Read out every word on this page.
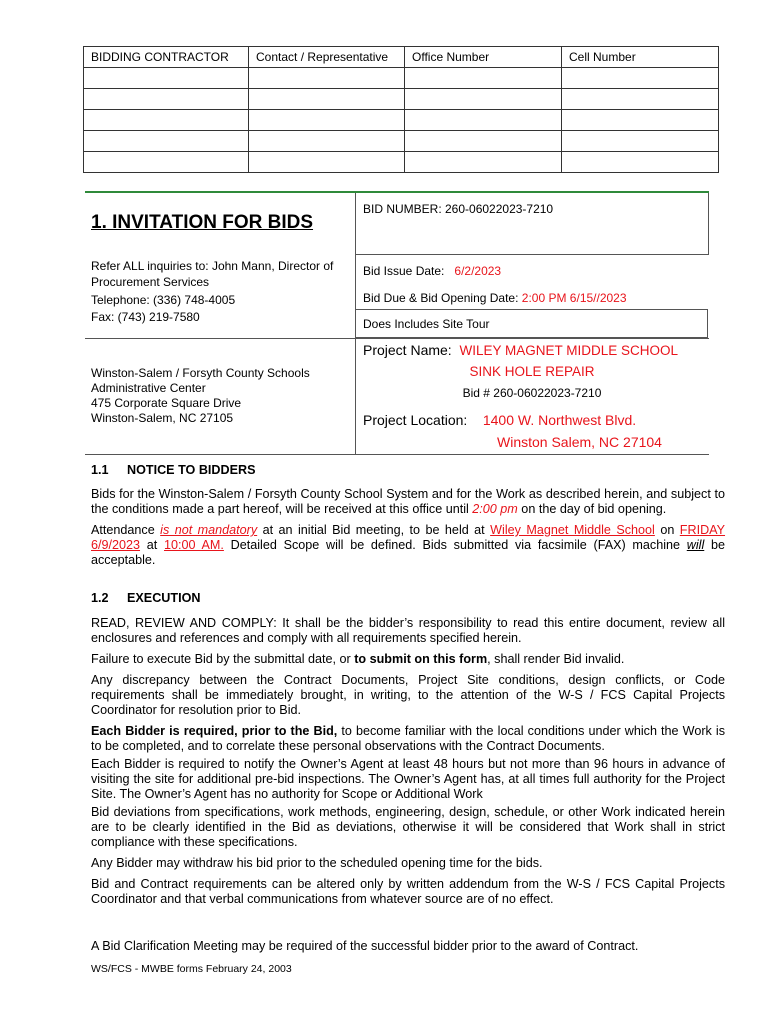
BIDDING CONTRACTOR	Contact / Representative	Office Number	Cell Number

1. INVITATION FOR BIDS
Refer ALL inquiries to: John Mann, Director of
Procurement Services
Telephone: (336) 748-4005
Fax: (743) 219-7580
BID NUMBER: 260-06022023-7210
Bid Issue Date: 6/2/2023
Bid Due & Bid Opening Date: 2:00 PM 6/15//2023
Does Includes Site Tour
Winston-Salem / Forsyth County Schools
Administrative Center
475 Corporate Square Drive
Winston-Salem, NC 27105
Project Name: WILEY MAGNET MIDDLE SCHOOL
SINK HOLE REPAIR
Bid # 260-06022023-7210
Project Location: 1400 W. Northwest Blvd.
Winston Salem, NC 27104
1.1 NOTICE TO BIDDERS

Bids for the Winston-Salem / Forsyth County School System and for the Work as described herein, and subject to the conditions made a part hereof, will be received at this office until 2:00 pm on the day of bid opening.

Attendance is not mandatory at an initial Bid meeting, to be held at Wiley Magnet Middle School on FRIDAY 6/9/2023 at 10:00 AM. Detailed Scope will be defined. Bids submitted via facsimile (FAX) machine will be acceptable.

1.2 EXECUTION

READ, REVIEW AND COMPLY: It shall be the bidder’s responsibility to read this entire document, review all enclosures and references and comply with all requirements specified herein.

Failure to execute Bid by the submittal date, or to submit on this form, shall render Bid invalid.

Any discrepancy between the Contract Documents, Project Site conditions, design conflicts, or Code requirements shall be immediately brought, in writing, to the attention of the W-S / FCS Capital Projects Coordinator for resolution prior to Bid.

Each Bidder is required, prior to the Bid, to become familiar with the local conditions under which the Work is to be completed, and to correlate these personal observations with the Contract Documents.

Each Bidder is required to notify the Owner’s Agent at least 48 hours but not more than 96 hours in advance of visiting the site for additional pre-bid inspections. The Owner’s Agent has, at all times full authority for the Project Site. The Owner’s Agent has no authority for Scope or Additional Work

Bid deviations from specifications, work methods, engineering, design, schedule, or other Work indicated herein are to be clearly identified in the Bid as deviations, otherwise it will be considered that Work shall in strict compliance with these specifications.

Any Bidder may withdraw his bid prior to the scheduled opening time for the bids.

Bid and Contract requirements can be altered only by written addendum from the W-S / FCS Capital Projects Coordinator and that verbal communications from whatever source are of no effect.

A Bid Clarification Meeting may be required of the successful bidder prior to the award of Contract.
WS/FCS - MWBE forms February 24, 2003
